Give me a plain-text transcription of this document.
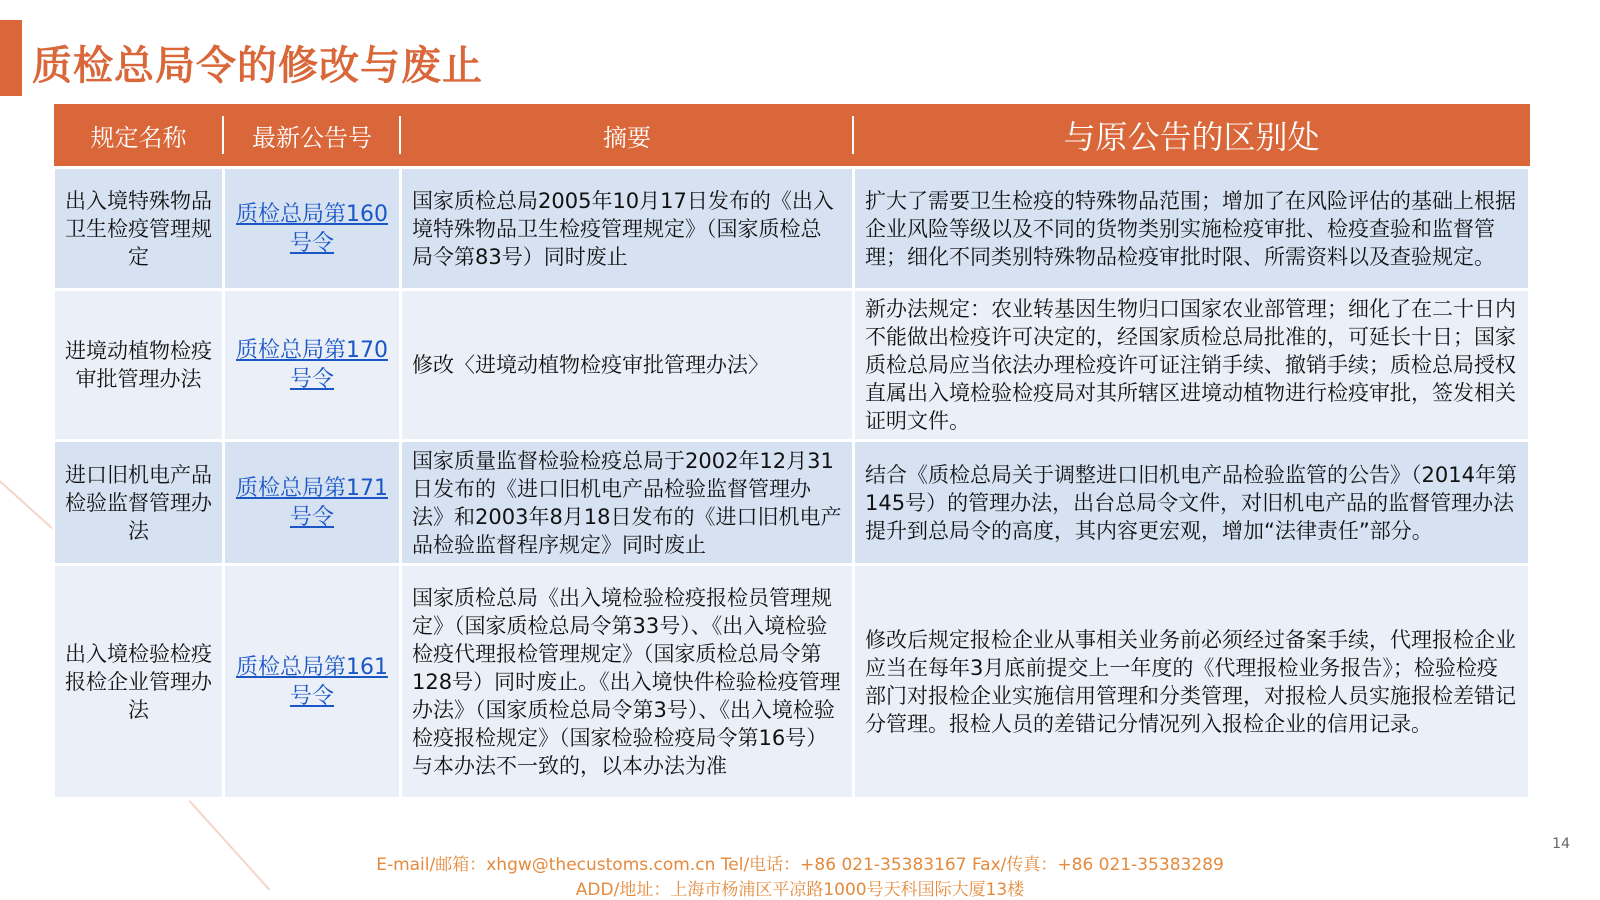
质检总局令的修改与废止
规定名称	最新公告号	摘要	与原公告的区别处
出入境特殊物品卫生检疫管理规定	质检总局第160号令	国家质检总局2005年10月17日发布的《出入境特殊物品卫生检疫管理规定》（国家质检总局令第83号）同时废止	扩大了需要卫生检疫的特殊物品范围；增加了在风险评估的基础上根据企业风险等级以及不同的货物类别实施检疫审批、检疫查验和监督管理；细化不同类别特殊物品检疫审批时限、所需资料以及查验规定。
进境动植物检疫审批管理办法	质检总局第170号令	修改〈进境动植物检疫审批管理办法〉	新办法规定：农业转基因生物归口国家农业部管理；细化了在二十日内不能做出检疫许可决定的，经国家质检总局批准的，可延长十日；国家质检总局应当依法办理检疫许可证注销手续、撤销手续；质检总局授权直属出入境检验检疫局对其所辖区进境动植物进行检疫审批，签发相关证明文件。
进口旧机电产品检验监督管理办法	质检总局第171号令	国家质量监督检验检疫总局于2002年12月31日发布的《进口旧机电产品检验监督管理办法》和2003年8月18日发布的《进口旧机电产品检验监督程序规定》同时废止	结合《质检总局关于调整进口旧机电产品检验监管的公告》（2014年第145号）的管理办法，出台总局令文件，对旧机电产品的监督管理办法提升到总局令的高度，其内容更宏观，增加“法律责任”部分。
出入境检验检疫报检企业管理办法	质检总局第161号令	国家质检总局《出入境检验检疫报检员管理规定》（国家质检总局令第33号）、《出入境检验检疫代理报检管理规定》（国家质检总局令第128号）同时废止。《出入境快件检验检疫管理办法》（国家质检总局令第3号）、《出入境检验检疫报检规定》（国家检验检疫局令第16号）与本办法不一致的，以本办法为准	修改后规定报检企业从事相关业务前必须经过备案手续，代理报检企业应当在每年3月底前提交上一年度的《代理报检业务报告》；检验检疫部门对报检企业实施信用管理和分类管理，对报检人员实施报检差错记分管理。报检人员的差错记分情况列入报检企业的信用记录。
E-mail/邮箱：xhgw@thecustoms.com.cn Tel/电话：+86 021-35383167 Fax/传真：+86 021-35383289
ADD/地址：上海市杨浦区平凉路1000号天科国际大厦13楼
14
